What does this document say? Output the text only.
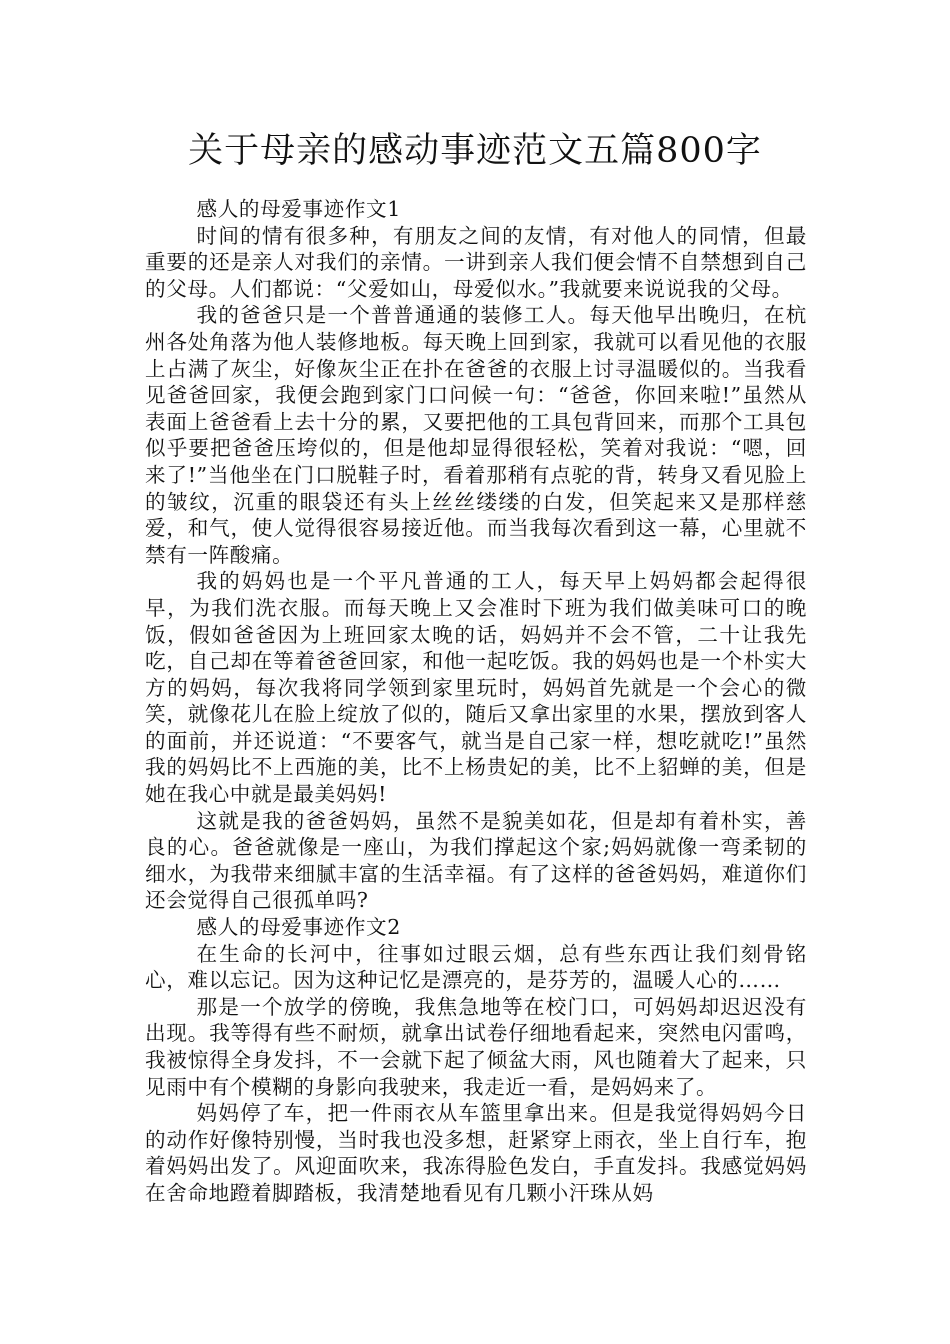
关于母亲的感动事迹范文五篇800字

感人的母爱事迹作文1

时间的情有很多种，有朋友之间的友情，有对他人的同情，但最重要的还是亲人对我们的亲情。一讲到亲人我们便会情不自禁想到自己的父母。人们都说：“父爱如山，母爱似水。”我就要来说说我的父母。

我的爸爸只是一个普普通通的装修工人。每天他早出晚归，在杭州各处角落为他人装修地板。每天晚上回到家，我就可以看见他的衣服上占满了灰尘，好像灰尘正在扑在爸爸的衣服上讨寻温暖似的。当我看见爸爸回家，我便会跑到家门口问候一句：“爸爸，你回来啦!”虽然从表面上爸爸看上去十分的累，又要把他的工具包背回来，而那个工具包似乎要把爸爸压垮似的，但是他却显得很轻松，笑着对我说：“嗯，回来了!”当他坐在门口脱鞋子时，看着那稍有点驼的背，转身又看见脸上的皱纹，沉重的眼袋还有头上丝丝缕缕的白发，但笑起来又是那样慈爱，和气，使人觉得很容易接近他。而当我每次看到这一幕，心里就不禁有一阵酸痛。

我的妈妈也是一个平凡普通的工人，每天早上妈妈都会起得很早，为我们洗衣服。而每天晚上又会准时下班为我们做美味可口的晚饭，假如爸爸因为上班回家太晚的话，妈妈并不会不管，二十让我先吃，自己却在等着爸爸回家，和他一起吃饭。我的妈妈也是一个朴实大方的妈妈，每次我将同学领到家里玩时，妈妈首先就是一个会心的微笑，就像花儿在脸上绽放了似的，随后又拿出家里的水果，摆放到客人的面前，并还说道：“不要客气，就当是自己家一样，想吃就吃!”虽然我的妈妈比不上西施的美，比不上杨贵妃的美，比不上貂蝉的美，但是她在我心中就是最美妈妈!

这就是我的爸爸妈妈，虽然不是貌美如花，但是却有着朴实，善良的心。爸爸就像是一座山，为我们撑起这个家;妈妈就像一弯柔韧的细水，为我带来细腻丰富的生活幸福。有了这样的爸爸妈妈，难道你们还会觉得自己很孤单吗?

感人的母爱事迹作文2

在生命的长河中，往事如过眼云烟，总有些东西让我们刻骨铭心，难以忘记。因为这种记忆是漂亮的，是芬芳的，温暖人心的……

那是一个放学的傍晚，我焦急地等在校门口，可妈妈却迟迟没有出现。我等得有些不耐烦，就拿出试卷仔细地看起来，突然电闪雷鸣，我被惊得全身发抖，不一会就下起了倾盆大雨，风也随着大了起来，只见雨中有个模糊的身影向我驶来，我走近一看，是妈妈来了。

妈妈停了车，把一件雨衣从车篮里拿出来。但是我觉得妈妈今日的动作好像特别慢，当时我也没多想，赶紧穿上雨衣，坐上自行车，抱着妈妈出发了。风迎面吹来，我冻得脸色发白，手直发抖。我感觉妈妈在舍命地蹬着脚踏板，我清楚地看见有几颗小汗珠从妈
